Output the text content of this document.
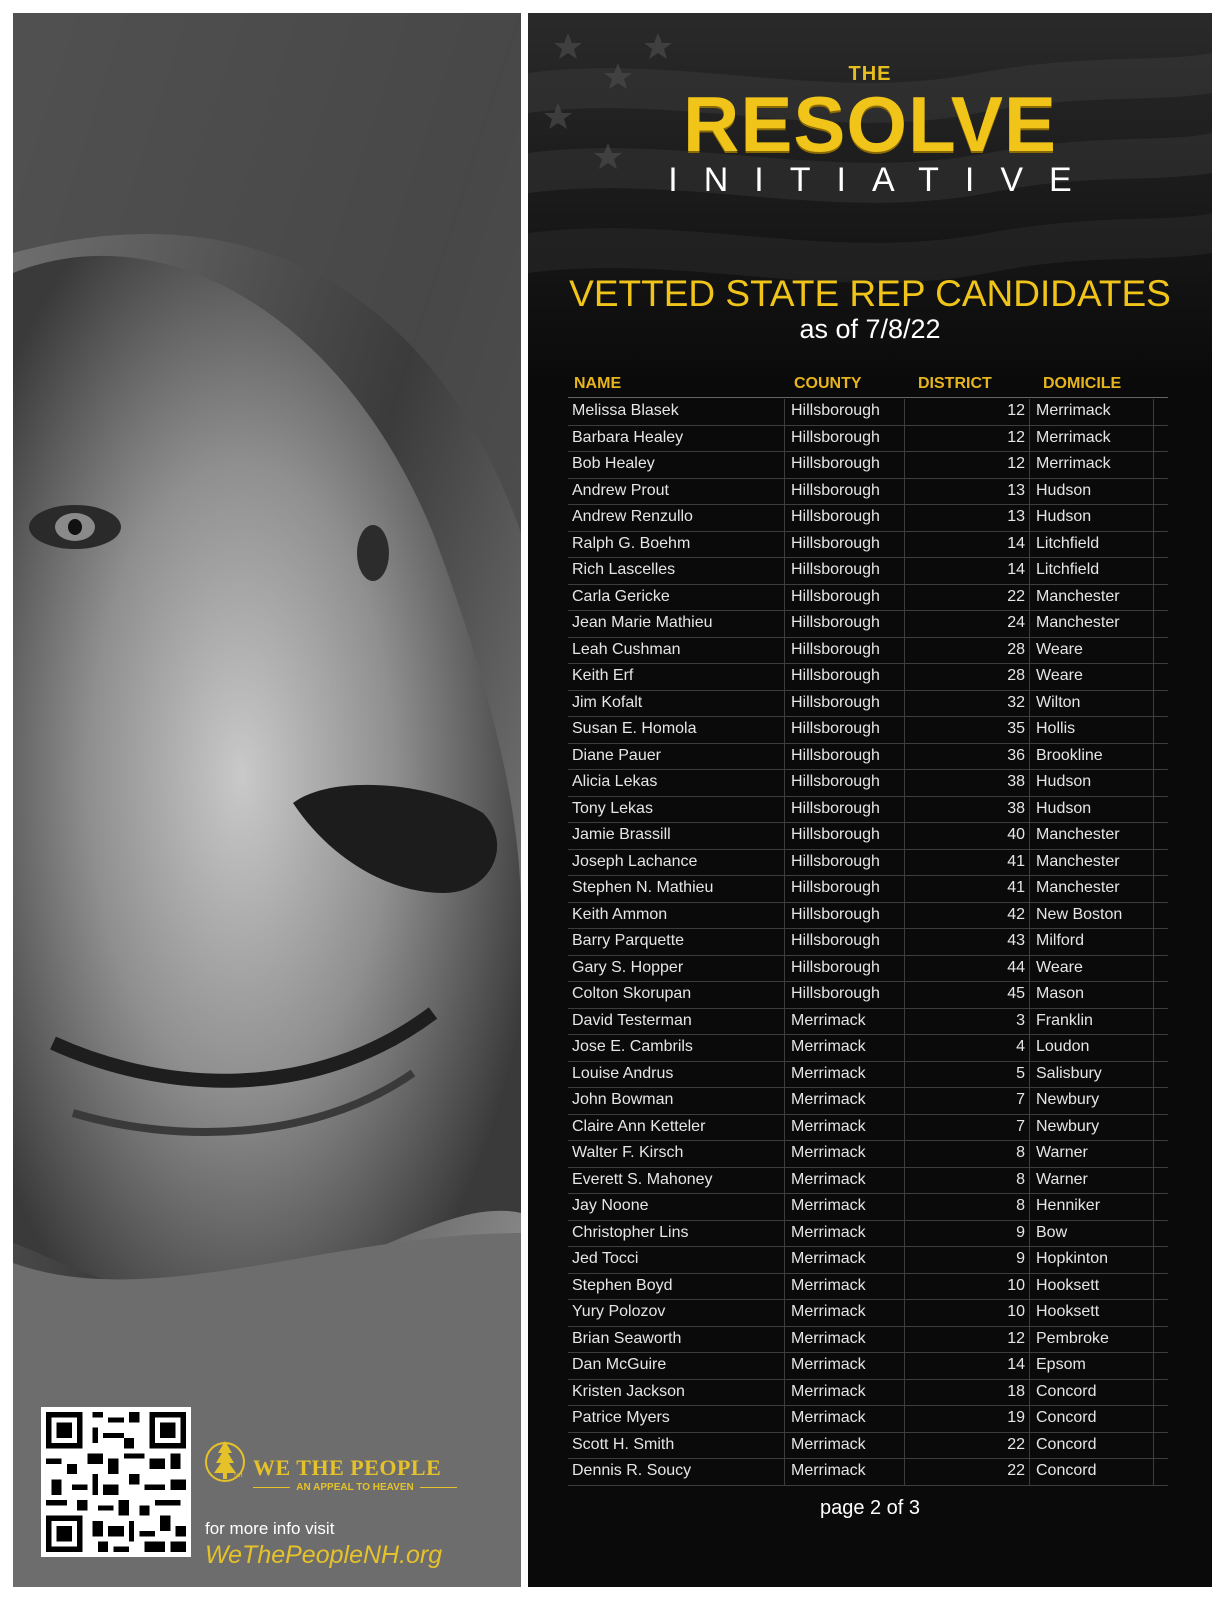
NH WE THE PEOPLE
AN APPEAL TO HEAVEN
for more info visit
WeThePeopleNH.org
THE
RESOLVE
INITIATIVE
VETTED STATE REP CANDIDATES
as of 7/8/22
NAME	COUNTY	DISTRICT	DOMICILE
Melissa Blasek	Hillsborough	12 Merrimack
Barbara Healey	Hillsborough	12 Merrimack
Bob Healey	Hillsborough	12 Merrimack
Andrew Prout	Hillsborough	13 Hudson
Andrew Renzullo	Hillsborough	13 Hudson
Ralph G. Boehm	Hillsborough	14 Litchfield
Rich Lascelles	Hillsborough	14 Litchfield
Carla Gericke	Hillsborough	22 Manchester
Jean Marie Mathieu	Hillsborough	24 Manchester
Leah Cushman	Hillsborough	28 Weare
Keith Erf	Hillsborough	28 Weare
Jim Kofalt	Hillsborough	32 Wilton
Susan E. Homola	Hillsborough	35 Hollis
Diane Pauer	Hillsborough	36 Brookline
Alicia Lekas	Hillsborough	38 Hudson
Tony Lekas	Hillsborough	38 Hudson
Jamie Brassill	Hillsborough	40 Manchester
Joseph Lachance	Hillsborough	41 Manchester
Stephen N. Mathieu	Hillsborough	41 Manchester
Keith Ammon	Hillsborough	42 New Boston
Barry Parquette	Hillsborough	43 Milford
Gary S. Hopper	Hillsborough	44 Weare
Colton Skorupan	Hillsborough	45 Mason
David Testerman	Merrimack	3 Franklin
Jose E. Cambrils	Merrimack	4 Loudon
Louise Andrus	Merrimack	5 Salisbury
John Bowman	Merrimack	7 Newbury
Claire Ann Ketteler	Merrimack	7 Newbury
Walter F. Kirsch	Merrimack	8 Warner
Everett S. Mahoney	Merrimack	8 Warner
Jay Noone	Merrimack	8 Henniker
Christopher Lins	Merrimack	9 Bow
Jed Tocci	Merrimack	9 Hopkinton
Stephen Boyd	Merrimack	10 Hooksett
Yury Polozov	Merrimack	10 Hooksett
Brian Seaworth	Merrimack	12 Pembroke
Dan McGuire	Merrimack	14 Epsom
Kristen Jackson	Merrimack	18 Concord
Patrice Myers	Merrimack	19 Concord
Scott H. Smith	Merrimack	22 Concord
Dennis R. Soucy	Merrimack	22 Concord
page 2 of 3
